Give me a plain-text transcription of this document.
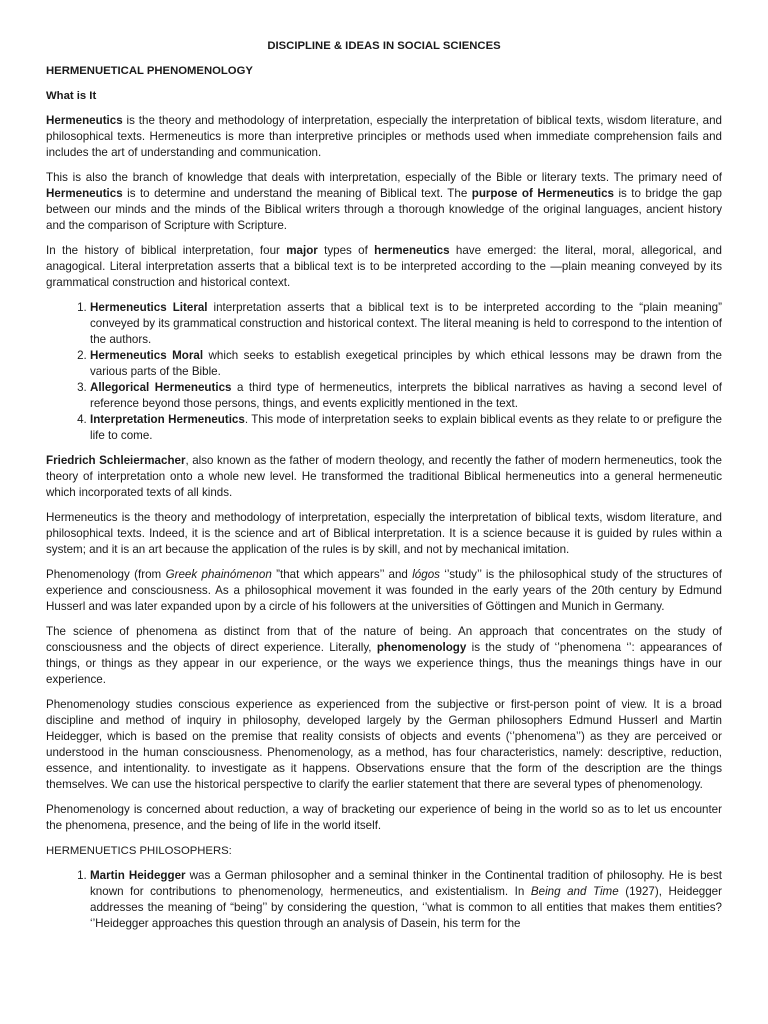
DISCIPLINE & IDEAS IN SOCIAL SCIENCES
HERMENUETICAL PHENOMENOLOGY
What is It

Hermeneutics is the theory and methodology of interpretation, especially the interpretation of biblical texts, wisdom literature, and philosophical texts. Hermeneutics is more than interpretive principles or methods used when immediate comprehension fails and includes the art of understanding and communication.

This is also the branch of knowledge that deals with interpretation, especially of the Bible or literary texts. The primary need of Hermeneutics is to determine and understand the meaning of Biblical text. The purpose of Hermeneutics is to bridge the gap between our minds and the minds of the Biblical writers through a thorough knowledge of the original languages, ancient history and the comparison of Scripture with Scripture.

In the history of biblical interpretation, four major types of hermeneutics have emerged: the literal, moral, allegorical, and anagogical. Literal interpretation asserts that a biblical text is to be interpreted according to the —plain meaning conveyed by its grammatical construction and historical context.

1. Hermeneutics Literal interpretation asserts that a biblical text is to be interpreted according to the “plain meaning” conveyed by its grammatical construction and historical context. The literal meaning is held to correspond to the intention of the authors.
2. Hermeneutics Moral which seeks to establish exegetical principles by which ethical lessons may be drawn from the various parts of the Bible.
3. Allegorical Hermeneutics a third type of hermeneutics, interprets the biblical narratives as having a second level of reference beyond those persons, things, and events explicitly mentioned in the text.
4. Interpretation Hermeneutics. This mode of interpretation seeks to explain biblical events as they relate to or prefigure the life to come.

Friedrich Schleiermacher, also known as the father of modern theology, and recently the father of modern hermeneutics, took the theory of interpretation onto a whole new level. He transformed the traditional Biblical hermeneutics into a general hermeneutic which incorporated texts of all kinds.

Hermeneutics is the theory and methodology of interpretation, especially the interpretation of biblical texts, wisdom literature, and philosophical texts. Indeed, it is the science and art of Biblical interpretation. It is a science because it is guided by rules within a system; and it is an art because the application of the rules is by skill, and not by mechanical imitation.

Phenomenology (from Greek phainómenon ”that which appears’’ and lógos ‘’study’’ is the philosophical study of the structures of experience and consciousness. As a philosophical movement it was founded in the early years of the 20th century by Edmund Husserl and was later expanded upon by a circle of his followers at the universities of Göttingen and Munich in Germany.

The science of phenomena as distinct from that of the nature of being. An approach that concentrates on the study of consciousness and the objects of direct experience. Literally, phenomenology is the study of ‘’phenomena ‘’: appearances of things, or things as they appear in our experience, or the ways we experience things, thus the meanings things have in our experience.

Phenomenology studies conscious experience as experienced from the subjective or first-person point of view. It is a broad discipline and method of inquiry in philosophy, developed largely by the German philosophers Edmund Husserl and Martin Heidegger, which is based on the premise that reality consists of objects and events (‘’phenomena’’) as they are perceived or understood in the human consciousness. Phenomenology, as a method, has four characteristics, namely: descriptive, reduction, essence, and intentionality. to investigate as it happens. Observations ensure that the form of the description are the things themselves. We can use the historical perspective to clarify the earlier statement that there are several types of phenomenology.

Phenomenology is concerned about reduction, a way of bracketing our experience of being in the world so as to let us encounter the phenomena, presence, and the being of life in the world itself.

HERMENUETICS PHILOSOPHERS:
1. Martin Heidegger was a German philosopher and a seminal thinker in the Continental tradition of philosophy. He is best known for contributions to phenomenology, hermeneutics, and existentialism. In Being and Time (1927), Heidegger addresses the meaning of “being’’ by considering the question, ‘’what is common to all entities that makes them entities? ‘’Heidegger approaches this question through an analysis of Dasein, his term for the
